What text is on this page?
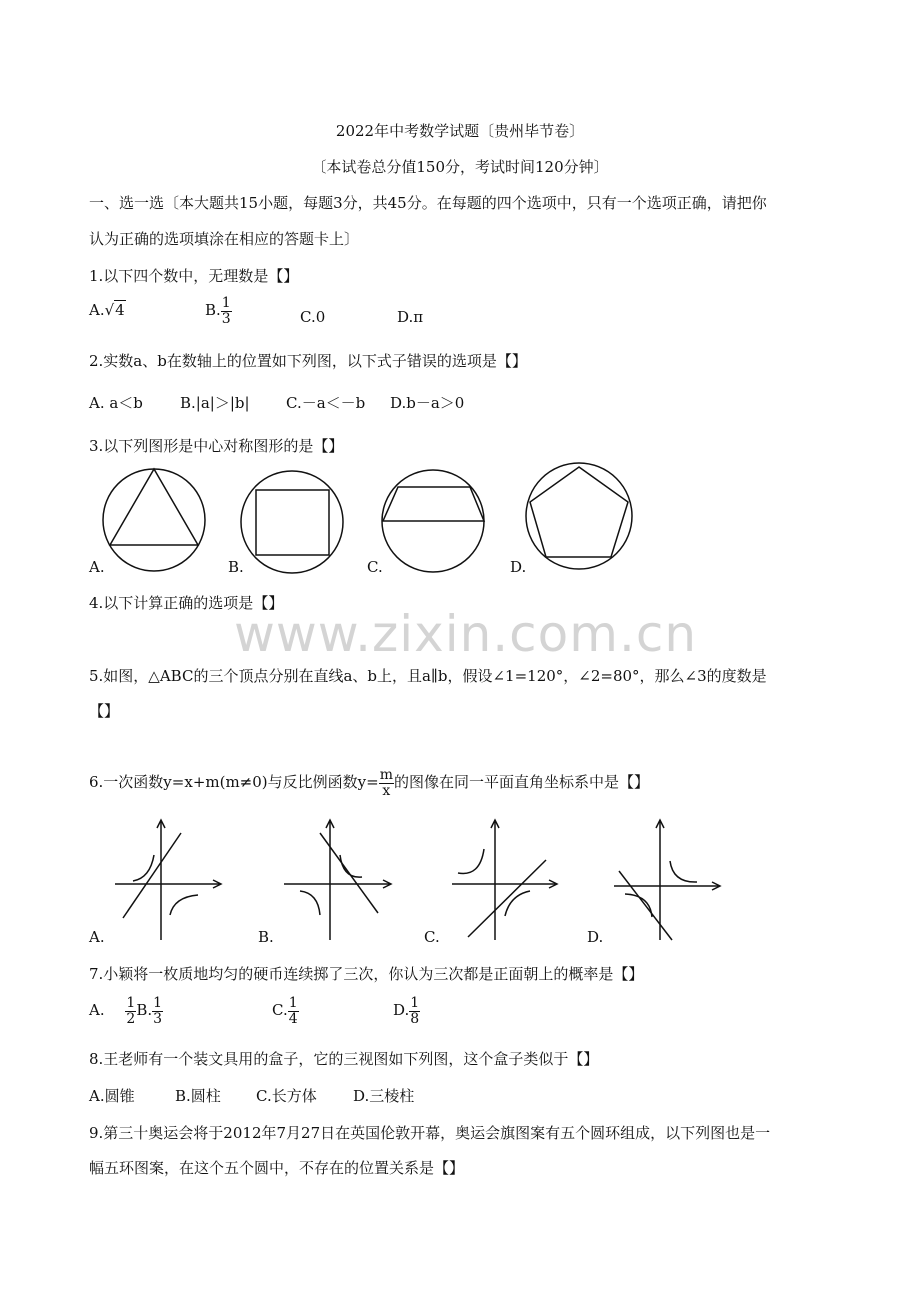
2022年中考数学试题〔贵州毕节卷〕
〔本试卷总分值150分，考试时间120分钟〕
一、选一选〔本大题共15小题，每题3分，共45分。在每题的四个选项中，只有一个选项正确，请把你
认为正确的选项填涂在相应的答题卡上〕
1.以下四个数中，无理数是【】
A.√4	B. $\frac{1}{3}$	C.0	D.π
2.实数a、b在数轴上的位置如下列图，以下式子错误的选项是【】
A. a＜b B.|a|＞|b| C.－a＜－b D.b－a＞0
3.以下列图形是中心对称图形的是【】
A.	B.	C.	D.
4.以下计算正确的选项是【】
www.zixin.com.cn
5.如图，△ABC的三个顶点分别在直线a、b上，且a∥b，假设∠1=120°，∠2=80°，那么∠3的度数是
【】
6.一次函数y=x+m(m≠0)与反比例函数$y= \frac{m}{x}$ 的图像在同一平面直角坐标系中是【】
A.	B.	C.	D.
7.小颖将一枚质地均匀的硬币连续掷了三次，你认为三次都是正面朝上的概率是【】
A. $\frac{1}{2} B$. $\frac{1}{3}$	C. $\frac{1}{4}$	D. $\frac{1}{8}$
8.王老师有一个装文具用的盒子，它的三视图如下列图，这个盒子类似于【】
A.圆锥	B.圆柱 C.长方体 D.三棱柱
9.第三十奥运会将于2012年7月27日在英国伦敦开幕，奥运会旗图案有五个圆环组成，以下列图也是一
幅五环图案，在这个五个圆中，不存在的位置关系是【】
